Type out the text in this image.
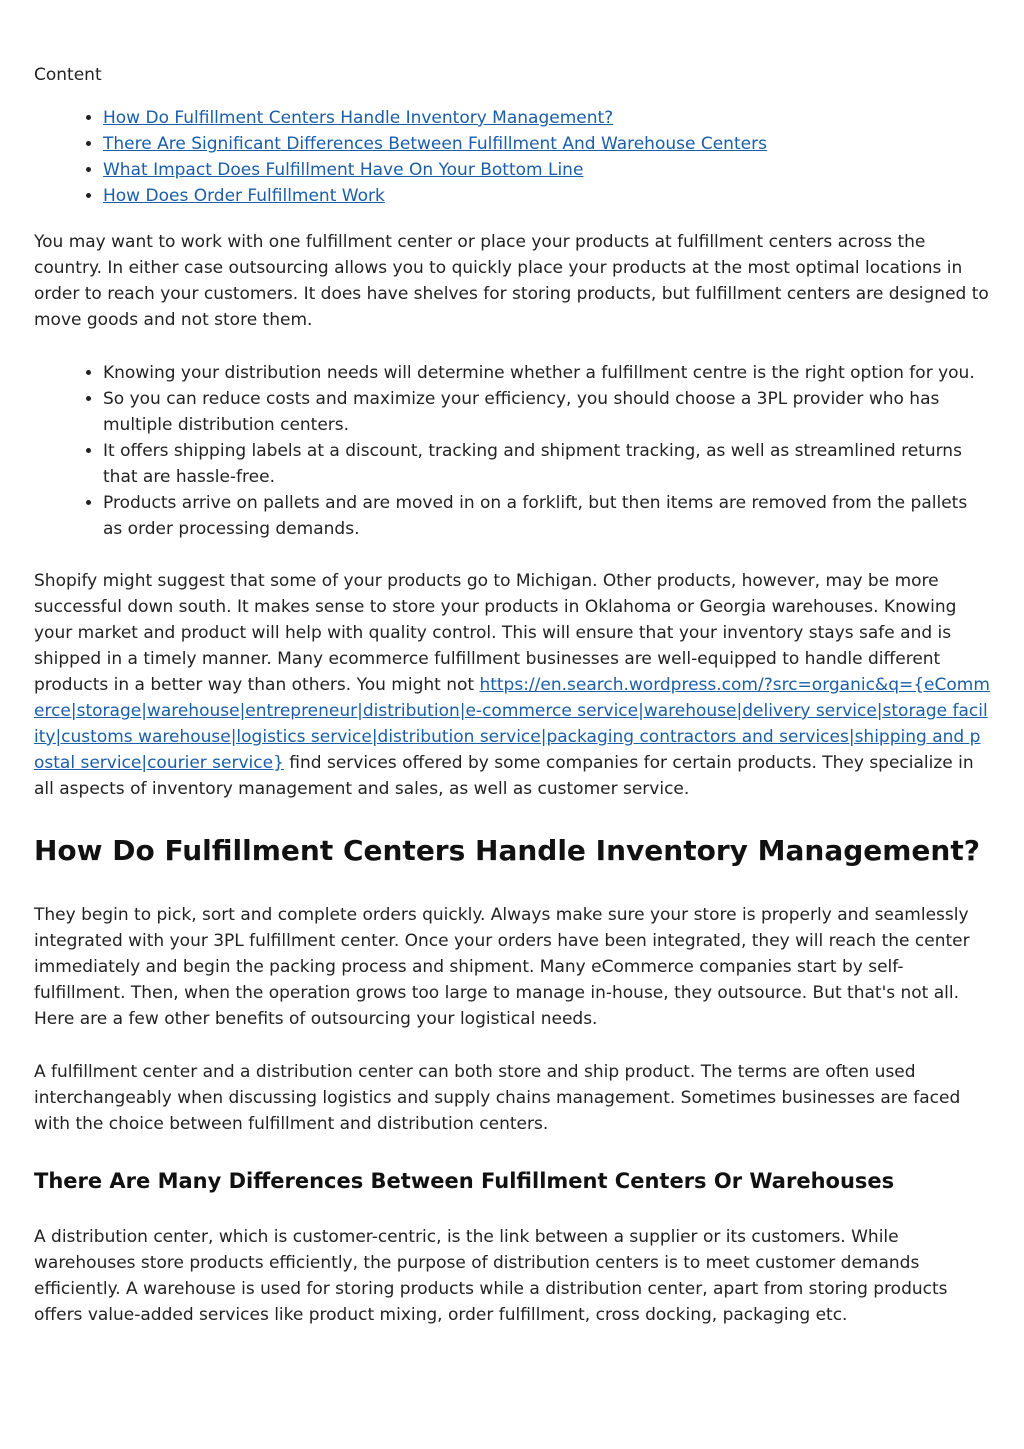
Content

• How Do Fulfillment Centers Handle Inventory Management?
• There Are Significant Differences Between Fulfillment And Warehouse Centers
• What Impact Does Fulfillment Have On Your Bottom Line
• How Does Order Fulfillment Work

You may want to work with one fulfillment center or place your products at fulfillment centers across the country. In either case outsourcing allows you to quickly place your products at the most optimal locations in order to reach your customers. It does have shelves for storing products, but fulfillment centers are designed to move goods and not store them.

• Knowing your distribution needs will determine whether a fulfillment centre is the right option for you.
• So you can reduce costs and maximize your efficiency, you should choose a 3PL provider who has multiple distribution centers.
• It offers shipping labels at a discount, tracking and shipment tracking, as well as streamlined returns that are hassle-free.
• Products arrive on pallets and are moved in on a forklift, but then items are removed from the pallets as order processing demands.

Shopify might suggest that some of your products go to Michigan. Other products, however, may be more successful down south. It makes sense to store your products in Oklahoma or Georgia warehouses. Knowing your market and product will help with quality control. This will ensure that your inventory stays safe and is shipped in a timely manner. Many ecommerce fulfillment businesses are well-equipped to handle different products in a better way than others. You might not https://en.search.wordpress.com/?src=organic&q={eCommerce|storage|warehouse|entrepreneur|distribution|e-commerce service|warehouse|delivery service|storage facility|customs warehouse|logistics service|distribution service|packaging contractors and services|shipping and postal service|courier service} find services offered by some companies for certain products. They specialize in all aspects of inventory management and sales, as well as customer service.

How Do Fulfillment Centers Handle Inventory Management?

They begin to pick, sort and complete orders quickly. Always make sure your store is properly and seamlessly integrated with your 3PL fulfillment center. Once your orders have been integrated, they will reach the center immediately and begin the packing process and shipment. Many eCommerce companies start by self-fulfillment. Then, when the operation grows too large to manage in-house, they outsource. But that's not all. Here are a few other benefits of outsourcing your logistical needs.

A fulfillment center and a distribution center can both store and ship product. The terms are often used interchangeably when discussing logistics and supply chains management. Sometimes businesses are faced with the choice between fulfillment and distribution centers.

There Are Many Differences Between Fulfillment Centers Or Warehouses

A distribution center, which is customer-centric, is the link between a supplier or its customers. While warehouses store products efficiently, the purpose of distribution centers is to meet customer demands efficiently. A warehouse is used for storing products while a distribution center, apart from storing products offers value-added services like product mixing, order fulfillment, cross docking, packaging etc.
